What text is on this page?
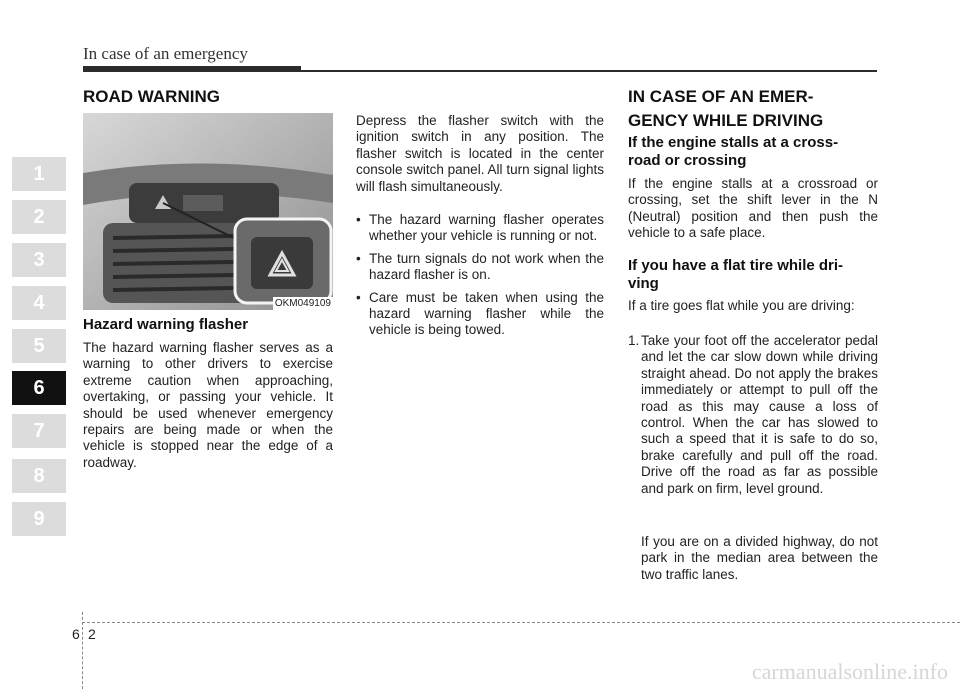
In case of an emergency
1
2
3
4
5
6
7
8
9
ROAD WARNING
OKM049109
Hazard warning flasher
The hazard warning flasher serves as a warning to other drivers to exercise extreme caution when approaching, overtaking, or passing your vehicle. It should be used whenever emergency repairs are being made or when the vehicle is stopped near the edge of a roadway.
Depress the flasher switch with the ignition switch in any position. The flasher switch is located in the center console switch panel. All turn signal lights will flash simultaneously.
• The hazard warning flasher operates whether your vehicle is running or not.
• The turn signals do not work when the hazard flasher is on.
• Care must be taken when using the hazard warning flasher while the vehicle is being towed.
IN CASE OF AN EMER-
GENCY WHILE DRIVING
If the engine stalls at a cross-
road or crossing
If the engine stalls at a crossroad or crossing, set the shift lever in the N (Neutral) position and then push the vehicle to a safe place.
If you have a flat tire while dri-
ving
If a tire goes flat while you are driving:
1. Take your foot off the accelerator pedal and let the car slow down while driving straight ahead. Do not apply the brakes immediately or attempt to pull off the road as this may cause a loss of control. When the car has slowed to such a speed that it is safe to do so, brake carefully and pull off the road. Drive off the road as far as possible and park on firm, level ground.
If you are on a divided highway, do not park in the median area between the two traffic lanes.
6 2
carmanualsonline.info
